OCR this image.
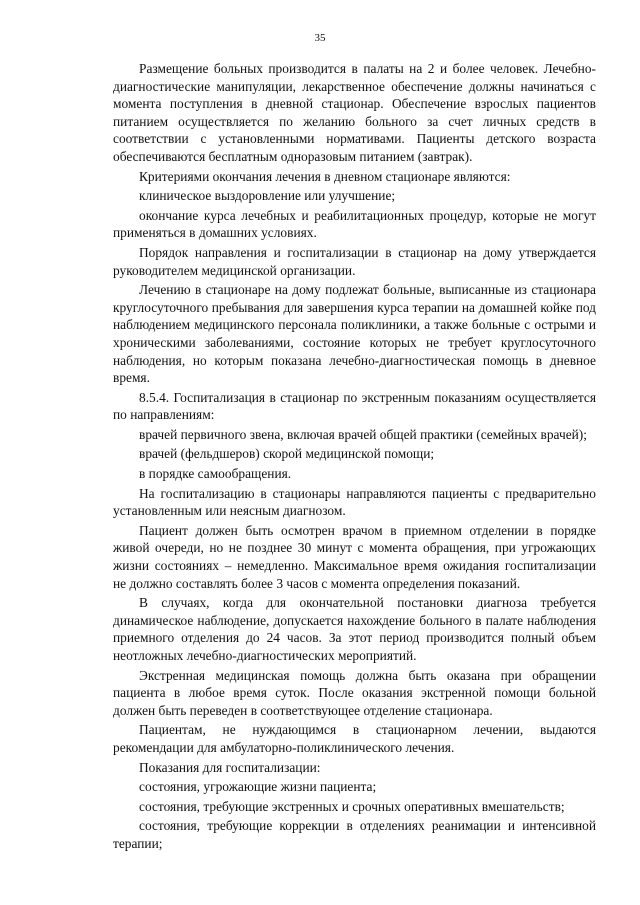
35

Размещение больных производится в палаты на 2 и более человек. Лечебно-диагностические манипуляции, лекарственное обеспечение должны начинаться с момента поступления в дневной стационар. Обеспечение взрослых пациентов питанием осуществляется по желанию больного за счет личных средств в соответствии с установленными нормативами. Пациенты детского возраста обеспечиваются бесплатным одноразовым питанием (завтрак).

Критериями окончания лечения в дневном стационаре являются:

клиническое выздоровление или улучшение;

окончание курса лечебных и реабилитационных процедур, которые не могут применяться в домашних условиях.

Порядок направления и госпитализации в стационар на дому утверждается руководителем медицинской организации.

Лечению в стационаре на дому подлежат больные, выписанные из стационара круглосуточного пребывания для завершения курса терапии на домашней койке под наблюдением медицинского персонала поликлиники, а также больные с острыми и хроническими заболеваниями, состояние которых не требует круглосуточного наблюдения, но которым показана лечебно-диагностическая помощь в дневное время.

8.5.4. Госпитализация в стационар по экстренным показаниям осуществляется по направлениям:

врачей первичного звена, включая врачей общей практики (семейных врачей);

врачей (фельдшеров) скорой медицинской помощи;

в порядке самообращения.

На госпитализацию в стационары направляются пациенты с предварительно установленным или неясным диагнозом.

Пациент должен быть осмотрен врачом в приемном отделении в порядке живой очереди, но не позднее 30 минут с момента обращения, при угрожающих жизни состояниях – немедленно. Максимальное время ожидания госпитализации не должно составлять более 3 часов с момента определения показаний.

В случаях, когда для окончательной постановки диагноза требуется динамическое наблюдение, допускается нахождение больного в палате наблюдения приемного отделения до 24 часов. За этот период производится полный объем неотложных лечебно-диагностических мероприятий.

Экстренная медицинская помощь должна быть оказана при обращении пациента в любое время суток. После оказания экстренной помощи больной должен быть переведен в соответствующее отделение стационара.

Пациентам, не нуждающимся в стационарном лечении, выдаются рекомендации для амбулаторно-поликлинического лечения.

Показания для госпитализации:

состояния, угрожающие жизни пациента;

состояния, требующие экстренных и срочных оперативных вмешательств;

состояния, требующие коррекции в отделениях реанимации и интенсивной терапии;
